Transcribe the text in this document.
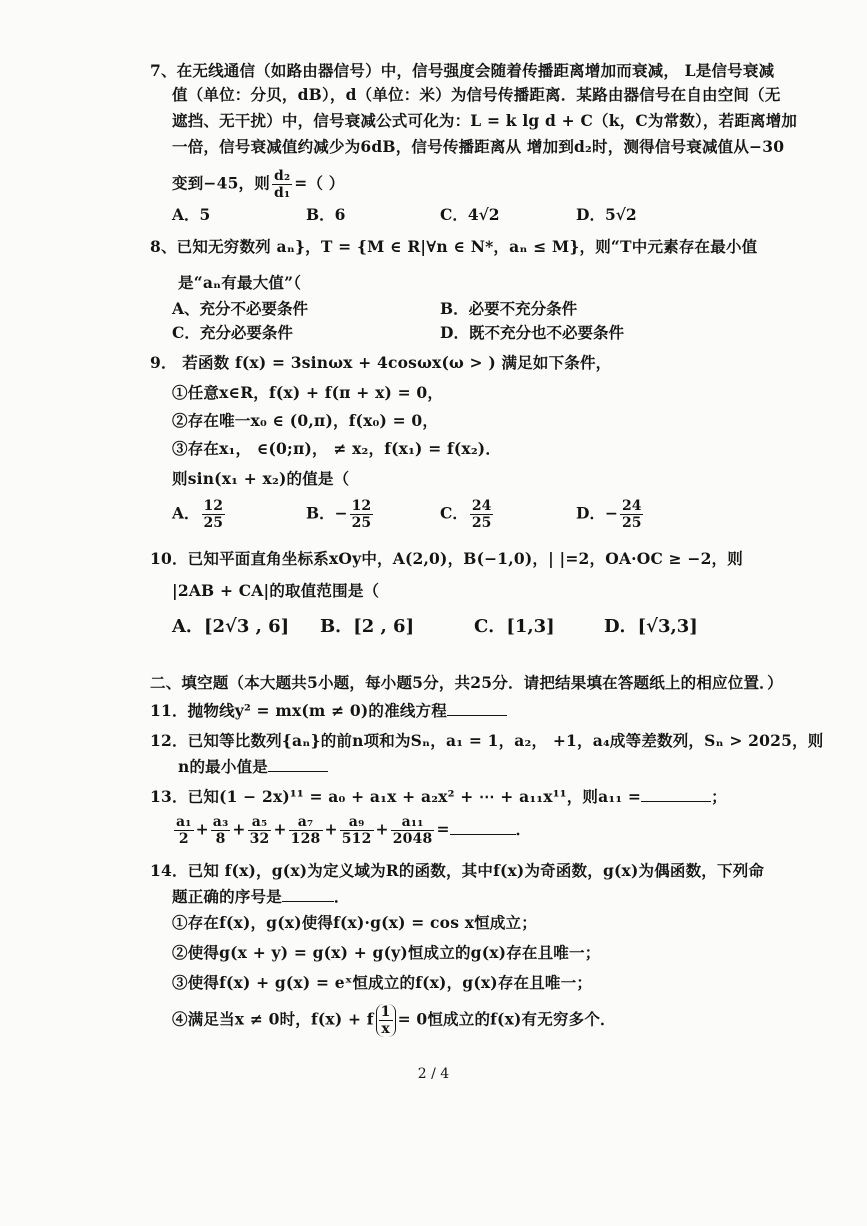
7、在无线通信（如路由器信号）中，信号强度会随着传播距离增加而衰减， L是信号衰减
值（单位：分贝，dB），d（单位：米）为信号传播距离．某路由器信号在自由空间（无
遮挡、无干扰）中，信号衰减公式可化为：L = k lg d + C（k，C为常数），若距离增加
一倍，信号衰减值约减少为6dB，信号传播距离从 增加到d₂时，测得信号衰减值从−30
变到−45，则 $\frac{\text{d₂}}{\text{d₁}}$ =（ ）
A．5	B．6	C．4√2	D．5√2
8、已知无穷数列 aₙ}，T = {M ∈ R|∀n ∈ N*，aₙ ≤ M}，则“T中元素存在最小值
是“aₙ有最大值”（
A、充分不必要条件	B．必要不充分条件
C．充分必要条件	D．既不充分也不必要条件
9． 若函数 f(x) = 3sinωx + 4cosωx(ω > ) 满足如下条件，
①任意x∈R，f(x) + f(π + x) = 0，
②存在唯一x₀ ∈ (0,π)，f(x₀) = 0，
③存在x₁， ∈(0;π)， ≠ x₂，f(x₁) = f(x₂)．
则sin(x₁ + x₂)的值是（
A． $\frac{12}{25}$	B．− $\frac{12}{25}$	C． $\frac{24}{25}$	D．− $\frac{24}{25}$
10．已知平面直角坐标系xOy中，A(2,0)，B(−1,0)，| |=2，OA·OC ≥ −2，则
|2AB + CA|的取值范围是（
A．[2√3 , 6] B．[2 , 6]	C．[1,3]	D．[√3,3]
二、填空题（本大题共5小题，每小题5分，共25分．请把结果填在答题纸上的相应位置．）
11．抛物线y² = mx(m ≠ 0)的准线方程
12．已知等比数列{aₙ}的前n项和为Sₙ，a₁ = 1，a₂， +1，a₄成等差数列，Sₙ > 2025，则
n的最小值是
13．已知(1 − 2x)¹¹ = a₀ + a₁x + a₂x² + ⋯ + a₁₁x¹¹，则a₁₁ =	；
$\frac{\text{a₁}}{2} + \frac{\text{a₃}}{8} + \frac{\text{a₅}}{32} + \frac{\text{a₇}}{128} + \frac{\text{a₉}}{512} + \frac{\text{a₁₁}}{2048}$ =	．
14．已知 f(x)，g(x)为定义域为R的函数，其中f(x)为奇函数，g(x)为偶函数，下列命
题正确的序号是	．
①存在f(x)，g(x)使得f(x)·g(x) = cos x恒成立；
②使得g(x + y) = g(x) + g(y)恒成立的g(x)存在且唯一；
③使得f(x) + g(x) = eˣ恒成立的f(x)，g(x)存在且唯一；
④满足当x ≠ 0时，f(x) + f $\frac{1}{x} = 0$恒成立的f(x)有无穷多个．
2 / 4
